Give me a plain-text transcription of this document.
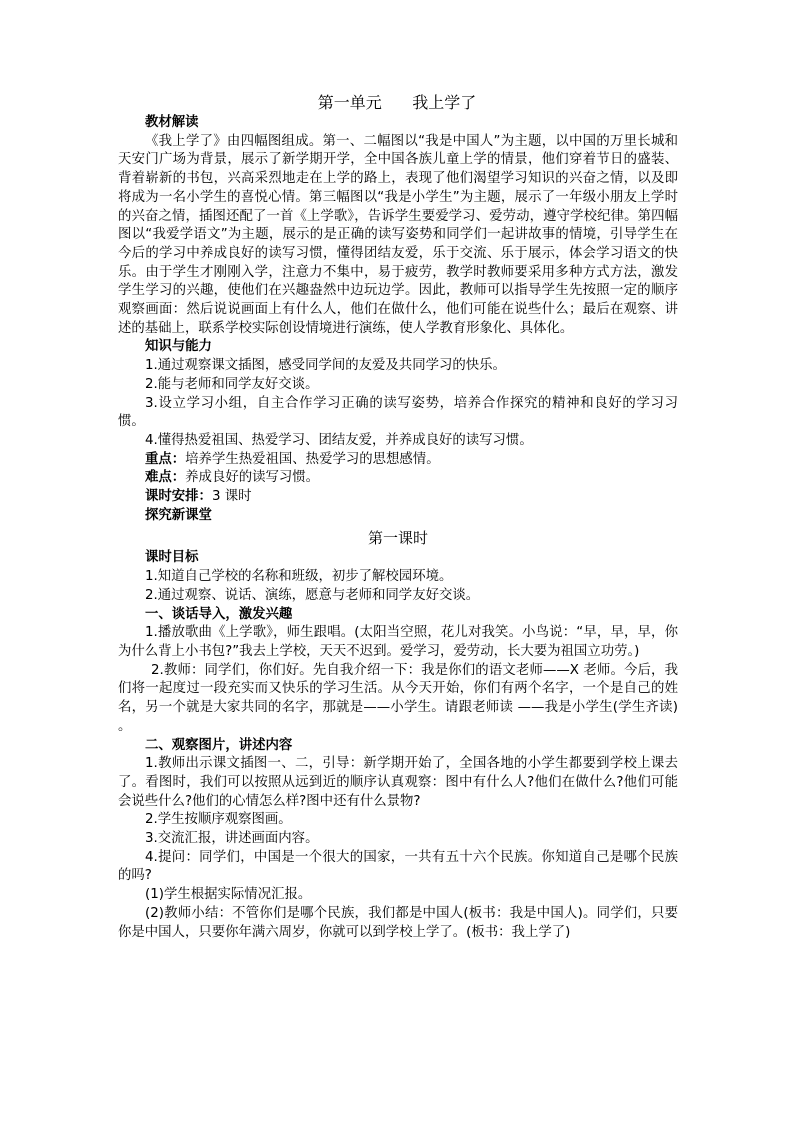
第一单元      我上学了

教材解读

《我上学了》由四幅图组成。第一、二幅图以“我是中国人”为主题，以中国的万里长城和天安门广场为背景，展示了新学期开学，全中国各族儿童上学的情景，他们穿着节日的盛装、背着崭新的书包，兴高采烈地走在上学的路上，表现了他们渴望学习知识的兴奋之情，以及即将成为一名小学生的喜悦心情。第三幅图以“我是小学生”为主题，展示了一年级小朋友上学时的兴奋之情，插图还配了一首《上学歌》，告诉学生要爱学习、爱劳动，遵守学校纪律。第四幅图以“我爱学语文”为主题，展示的是正确的读写姿势和同学们一起讲故事的情境，引导学生在今后的学习中养成良好的读写习惯，懂得团结友爱，乐于交流、乐于展示，体会学习语文的快乐。由于学生才刚刚入学，注意力不集中，易于疲劳，教学时教师要采用多种方式方法，激发学生学习的兴趣，使他们在兴趣盎然中边玩边学。因此，教师可以指导学生先按照一定的顺序观察画面：然后说说画面上有什么人，他们在做什么，他们可能在说些什么；最后在观察、讲述的基础上，联系学校实际创设情境进行演练，使人学教育形象化、具体化。

知识与能力

1.通过观察课文插图，感受同学间的友爱及共同学习的快乐。

2.能与老师和同学友好交谈。

3.设立学习小组，自主合作学习正确的读写姿势，培养合作探究的精神和良好的学习习惯。

4.懂得热爱祖国、热爱学习、团结友爱，并养成良好的读写习惯。

重点：培养学生热爱祖国、热爱学习的思想感情。

难点：养成良好的读写习惯。

课时安排：3 课时

探究新课堂

第一课时

课时目标

1.知道自己学校的名称和班级，初步了解校园环境。

2.通过观察、说话、演练，愿意与老师和同学友好交谈。

一、谈话导入，激发兴趣

1.播放歌曲《上学歌》，师生跟唱。(太阳当空照，花儿对我笑。小鸟说：“早，早，早，你为什么背上小书包?”我去上学校，天天不迟到。爱学习，爱劳动，长大要为祖国立功劳。)

2.教师：同学们，你们好。先自我介绍一下：我是你们的语文老师——X 老师。今后，我们将一起度过一段充实而又快乐的学习生活。从今天开始，你们有两个名字，一个是自己的姓名，另一个就是大家共同的名字，那就是——小学生。请跟老师读 ——我是小学生(学生齐读) 。

二、观察图片，讲述内容

1.教师出示课文插图一、二，引导：新学期开始了，全国各地的小学生都要到学校上课去了。看图时，我们可以按照从远到近的顺序认真观察：图中有什么人?他们在做什么?他们可能会说些什么?他们的心情怎么样?图中还有什么景物?

2.学生按顺序观察图画。

3.交流汇报，讲述画面内容。

4.提问：同学们，中国是一个很大的国家，一共有五十六个民族。你知道自己是哪个民族的吗?

(1)学生根据实际情况汇报。

(2)教师小结：不管你们是哪个民族，我们都是中国人(板书：我是中国人)。同学们，只要你是中国人，只要你年满六周岁，你就可以到学校上学了。(板书：我上学了)
